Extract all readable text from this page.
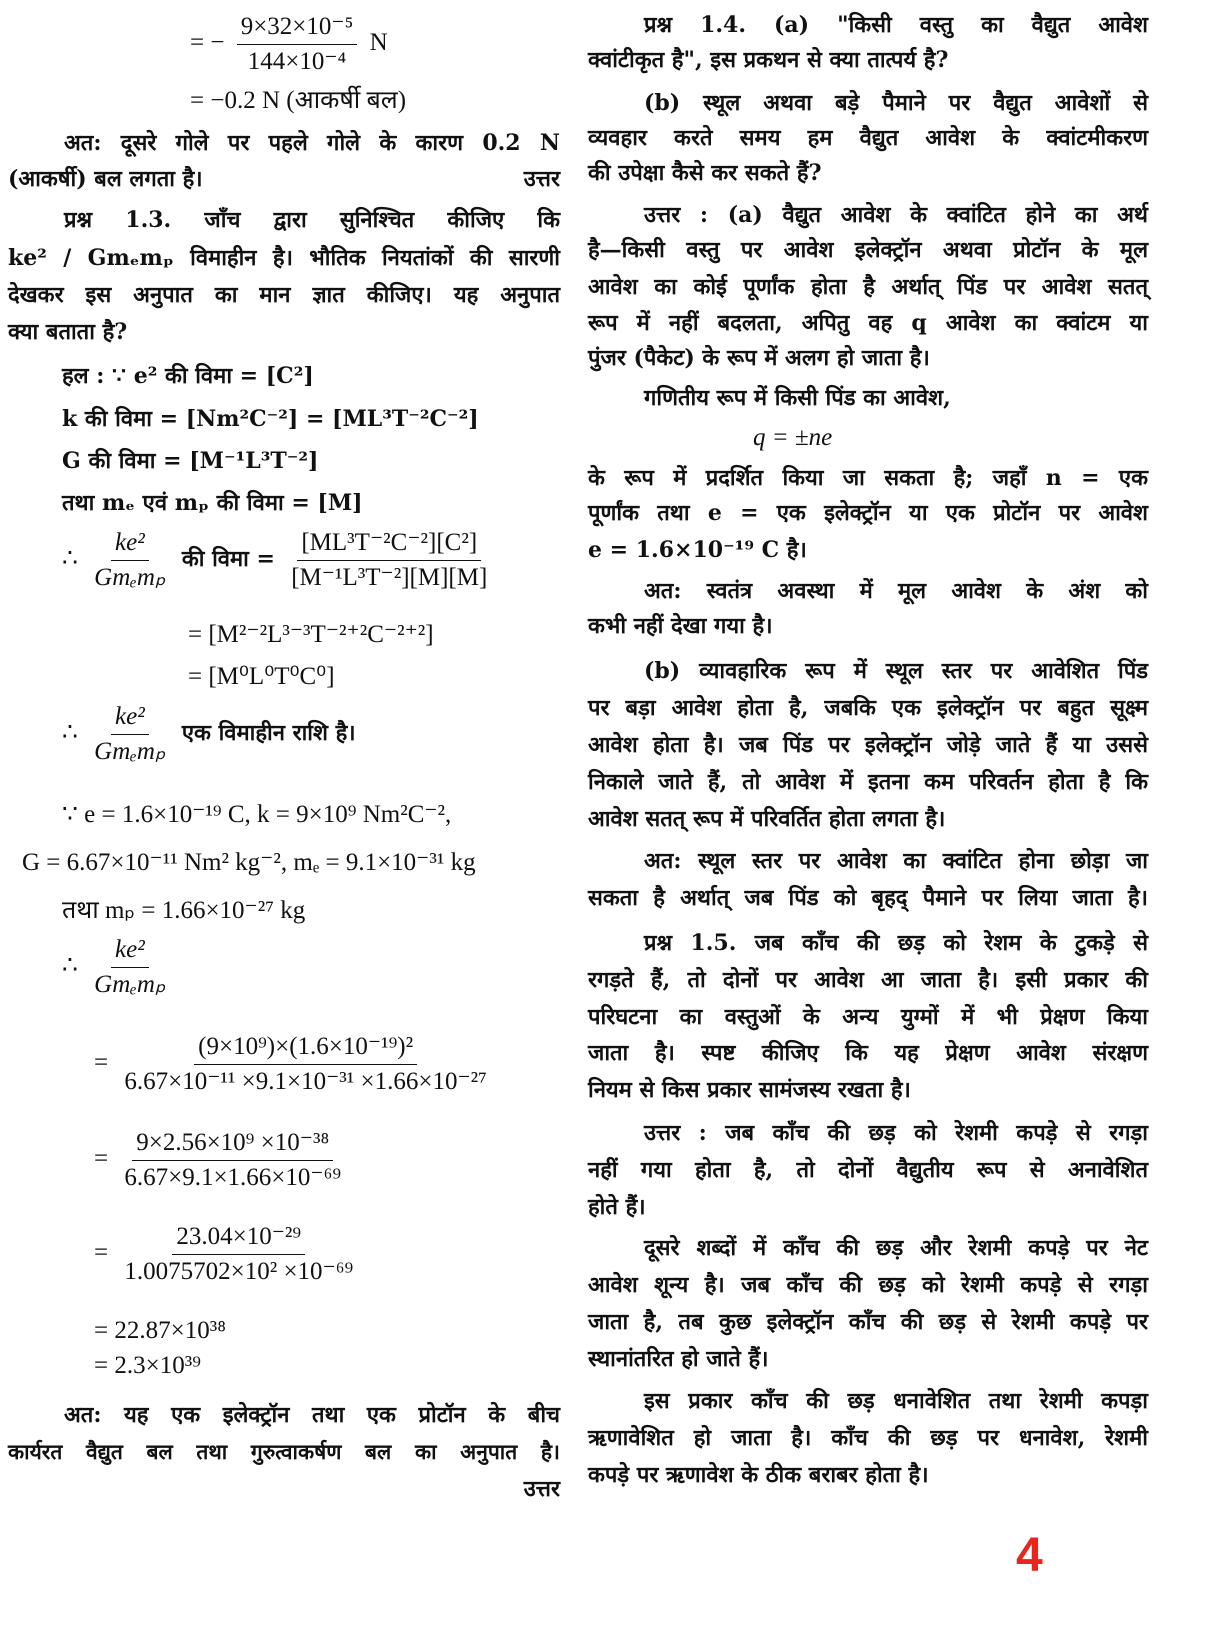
= − $\frac{\text{9×32×10⁻⁵}}{\text{144×10⁻⁴}}$ N
= −0.2 N (आकर्षी बल)
अत: दूसरे गोले पर पहले गोले के कारण 0.2 N
(आकर्षी) बल लगता है।	उत्तर
प्रश्न 1.3. जाँच द्वारा सुनिश्चित कीजिए कि
ke² / Gmₑmₚ विमाहीन है। भौतिक नियतांकों की सारणी
देखकर इस अनुपात का मान ज्ञात कीजिए। यह अनुपात
क्या बताता है?
हल : ∵ e² की विमा = [C²]
k की विमा = [Nm²C⁻²] = [ML³T⁻²C⁻²]
G की विमा = [M⁻¹L³T⁻²]
तथा mₑ एवं mₚ की विमा = [M]
∴ $\frac{\text{ke²}}{\text{Gmₑmₚ}}$ की विमा = $\frac{\text{[ML³T⁻²C⁻²][C²]}}{\text{[M⁻¹L³T⁻²][M][M]}}$
= [M²⁻²L³⁻³T⁻²⁺²C⁻²⁺²]
= [M⁰L⁰T⁰C⁰]
∴ $\frac{\text{ke²}}{\text{Gmₑmₚ}}$ एक विमाहीन राशि है।
∵ e = 1.6×10⁻¹⁹ C, k = 9×10⁹ Nm²C⁻²,
G = 6.67×10⁻¹¹ Nm² kg⁻², mₑ = 9.1×10⁻³¹ kg
तथा mₚ = 1.66×10⁻²⁷ kg
∴ $\frac{\text{ke²}}{\text{Gmₑmₚ}}$
= $\frac{\text{(9×10⁹)×(1.6×10⁻¹⁹)²}}{\text{6.67×10⁻¹¹ ×9.1×10⁻³¹ ×1.66×10⁻²⁷}}$
= $\frac{\text{9×2.56×10⁹ ×10⁻³⁸}}{\text{6.67×9.1×1.66×10⁻⁶⁹}}$
= $\frac{\text{23.04×10⁻²⁹}}{\text{1.0075702×10² ×10⁻⁶⁹}}$
= 22.87×10³⁸
= 2.3×10³⁹
अत: यह एक इलेक्ट्रॉन तथा एक प्रोटॉन के बीच
कार्यरत वैद्युत बल तथा गुरुत्वाकर्षण बल का अनुपात है।
उत्तर
प्रश्न 1.4. (a) "किसी वस्तु का वैद्युत आवेश
क्वांटीकृत है", इस प्रकथन से क्या तात्पर्य है?
(b) स्थूल अथवा बड़े पैमाने पर वैद्युत आवेशों से
व्यवहार करते समय हम वैद्युत आवेश के क्वांटमीकरण
की उपेक्षा कैसे कर सकते हैं?
उत्तर : (a) वैद्युत आवेश के क्वांटित होने का अर्थ
है—किसी वस्तु पर आवेश इलेक्ट्रॉन अथवा प्रोटॉन के मूल
आवेश का कोई पूर्णांक होता है अर्थात् पिंड पर आवेश सतत्
रूप में नहीं बदलता, अपितु वह q आवेश का क्वांटम या
पुंजर (पैकेट) के रूप में अलग हो जाता है।
गणितीय रूप में किसी पिंड का आवेश,
q = ±ne
के रूप में प्रदर्शित किया जा सकता है; जहाँ n = एक
पूर्णांक तथा e = एक इलेक्ट्रॉन या एक प्रोटॉन पर आवेश
e = 1.6×10⁻¹⁹ C है।
अत: स्वतंत्र अवस्था में मूल आवेश के अंश को
कभी नहीं देखा गया है।
(b) व्यावहारिक रूप में स्थूल स्तर पर आवेशित पिंड
पर बड़ा आवेश होता है, जबकि एक इलेक्ट्रॉन पर बहुत सूक्ष्म
आवेश होता है। जब पिंड पर इलेक्ट्रॉन जोड़े जाते हैं या उससे
निकाले जाते हैं, तो आवेश में इतना कम परिवर्तन होता है कि
आवेश सतत् रूप में परिवर्तित होता लगता है।
अत: स्थूल स्तर पर आवेश का क्वांटित होना छोड़ा जा
सकता है अर्थात् जब पिंड को बृहद् पैमाने पर लिया जाता है।
प्रश्न 1.5. जब काँच की छड़ को रेशम के टुकड़े से
रगड़ते हैं, तो दोनों पर आवेश आ जाता है। इसी प्रकार की
परिघटना का वस्तुओं के अन्य युग्मों में भी प्रेक्षण किया
जाता है। स्पष्ट कीजिए कि यह प्रेक्षण आवेश संरक्षण
नियम से किस प्रकार सामंजस्य रखता है।
उत्तर : जब काँच की छड़ को रेशमी कपड़े से रगड़ा
नहीं गया होता है, तो दोनों वैद्युतीय रूप से अनावेशित
होते हैं।
दूसरे शब्दों में काँच की छड़ और रेशमी कपड़े पर नेट
आवेश शून्य है। जब काँच की छड़ को रेशमी कपड़े से रगड़ा
जाता है, तब कुछ इलेक्ट्रॉन काँच की छड़ से रेशमी कपड़े पर
स्थानांतरित हो जाते हैं।
इस प्रकार काँच की छड़ धनावेशित तथा रेशमी कपड़ा
ऋणावेशित हो जाता है। काँच की छड़ पर धनावेश, रेशमी
कपड़े पर ऋणावेश के ठीक बराबर होता है।
4
